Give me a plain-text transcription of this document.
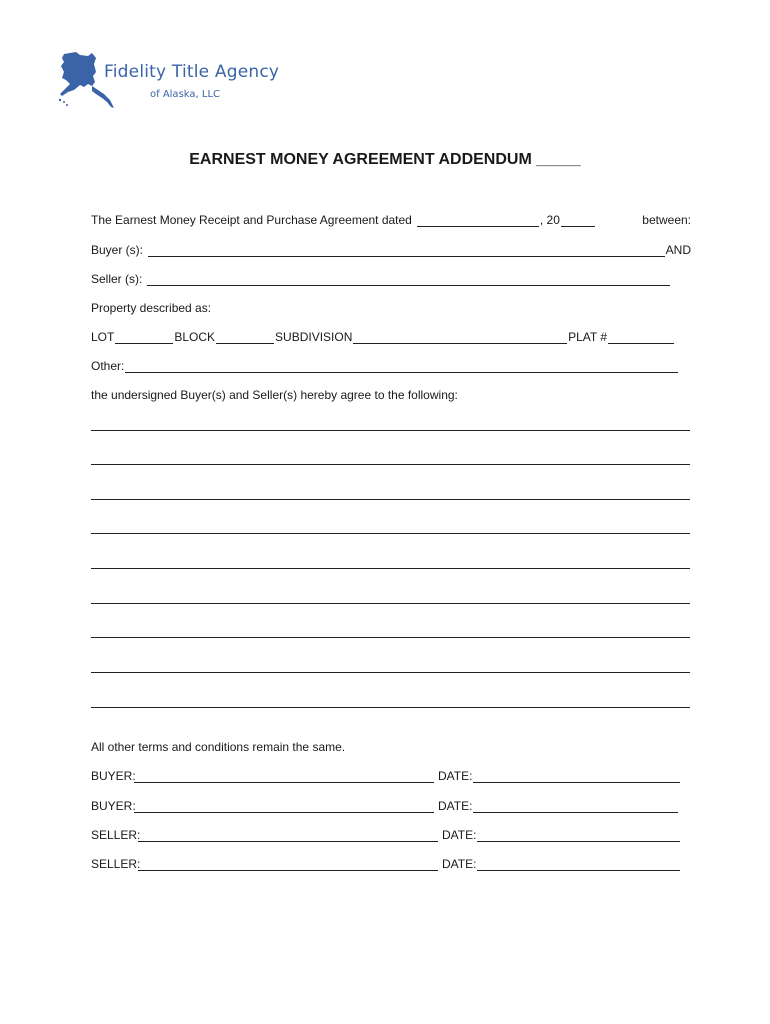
Fidelity Title Agency
of Alaska, LLC
EARNEST MONEY AGREEMENT ADDENDUM _____
The Earnest Money Receipt and Purchase Agreement dated	, 20	between:
Buyer (s):	AND
Seller (s):
Property described as:
LOT	BLOCK	SUBDIVISION	PLAT #
Other:
the undersigned Buyer(s) and Seller(s) hereby agree to the following:
All other terms and conditions remain the same.
BUYER:	DATE:
BUYER:	DATE:
SELLER:	DATE:
SELLER:	DATE:
